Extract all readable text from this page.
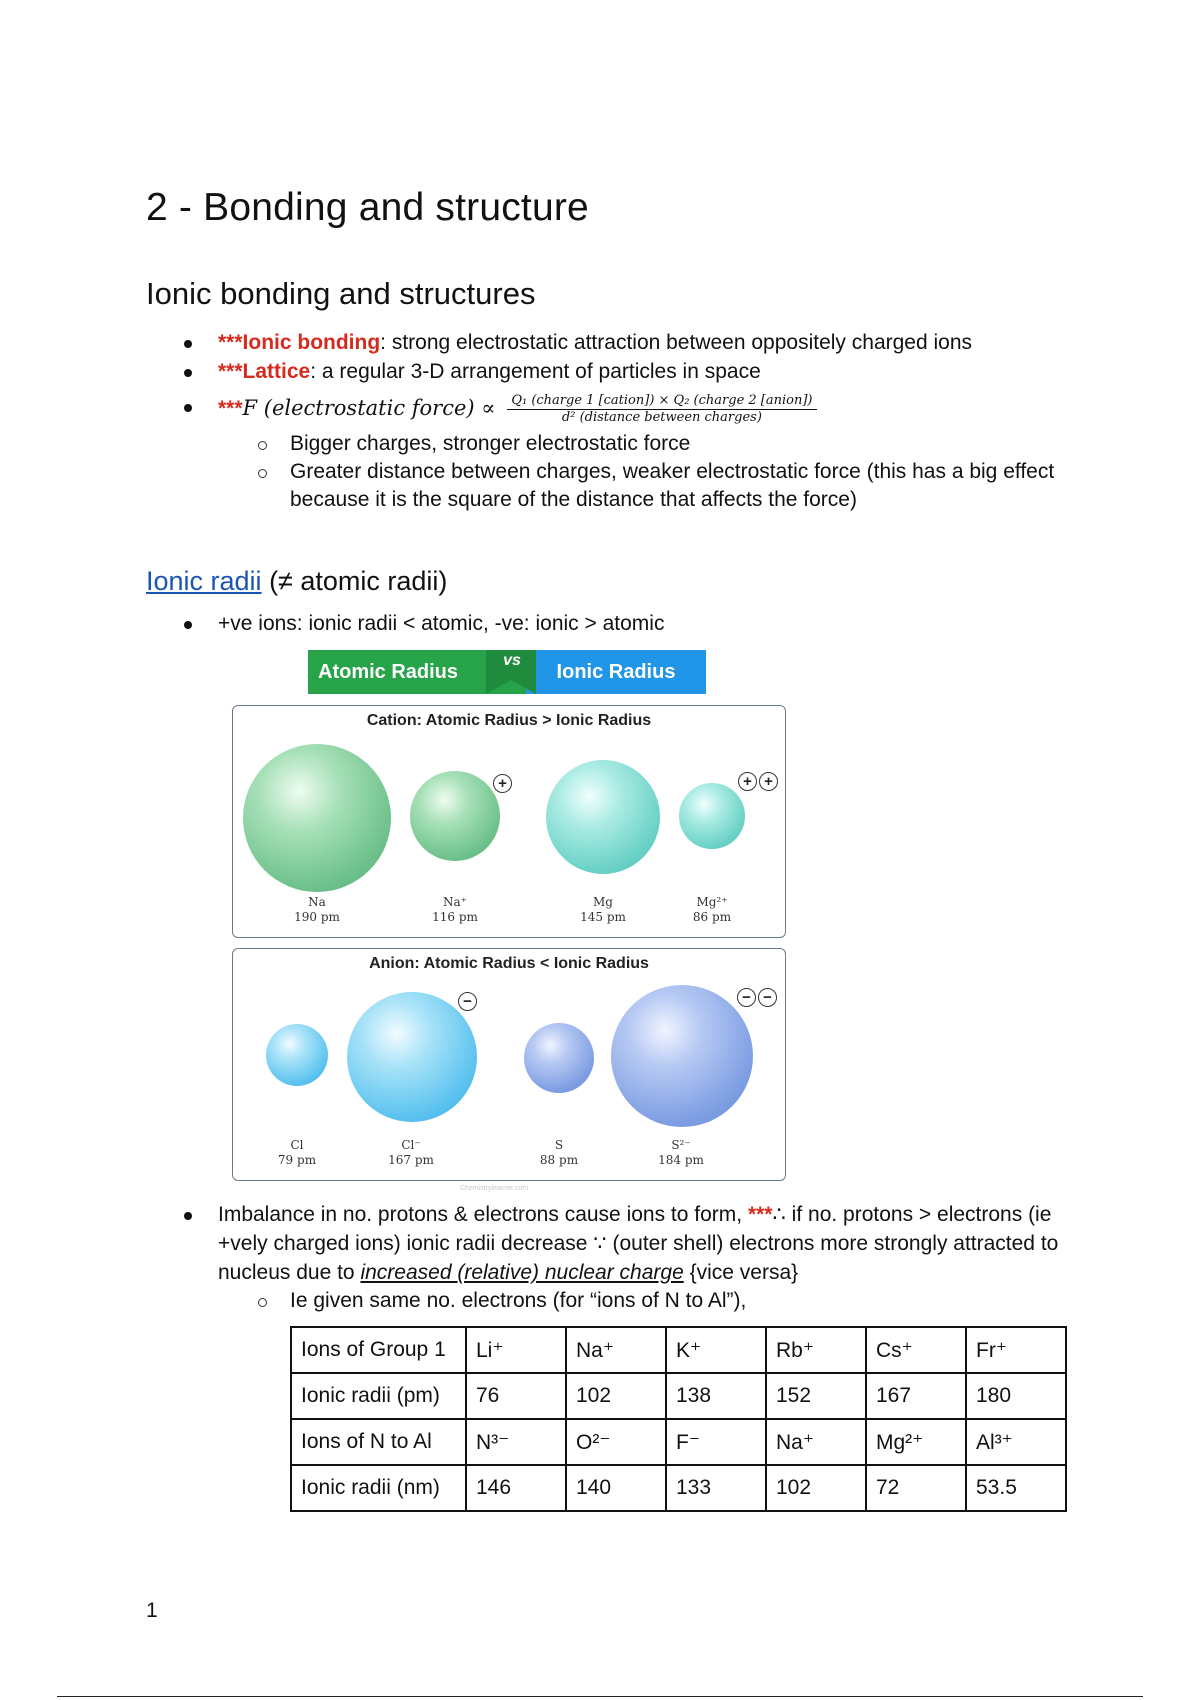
2 - Bonding and structure
Ionic bonding and structures
***Ionic bonding: strong electrostatic attraction between oppositely charged ions
***Lattice: a regular 3-D arrangement of particles in space
***F (electrostatic force) ∝ $\frac{\text{Q₁ (charge 1 [cation]) × Q₂ (charge 2 [anion])}}{\text{d² (distance between charges)}}$
Bigger charges, stronger electrostatic force
Greater distance between charges, weaker electrostatic force (this has a big effect because it is the square of the distance that affects the force)
Ionic radii (≠ atomic radii)
+ve ions: ionic radii < atomic, -ve: ionic > atomic
Atomic Radius	Ionic Radius
vs
Cation: Atomic Radius > Ionic Radius
+	+ +
Na
190 pm
Na⁺
116 pm
Mg
145 pm
Mg²⁺
86 pm
Anion: Atomic Radius < Ionic Radius
−	− −
Cl
79 pm
Cl⁻
167 pm
S
88 pm
S²⁻
184 pm
Chemistrylearner.com
Imbalance in no. protons & electrons cause ions to form, ***∴ if no. protons > electrons (ie +vely charged ions) ionic radii decrease ∵ (outer shell) electrons more strongly attracted to nucleus due to increased (relative) nuclear charge {vice versa}
Ie given same no. electrons (for “ions of N to Al”),
Ions of Group 1	Li⁺	Na⁺	K⁺	Rb⁺	Cs⁺	Fr⁺
Ionic radii (pm)	76	102	138	152	167	180
Ions of N to Al	N³⁻	O²⁻	F⁻	Na⁺	Mg²⁺	Al³⁺
Ionic radii (nm)	146	140	133	102	72	53.5
1
